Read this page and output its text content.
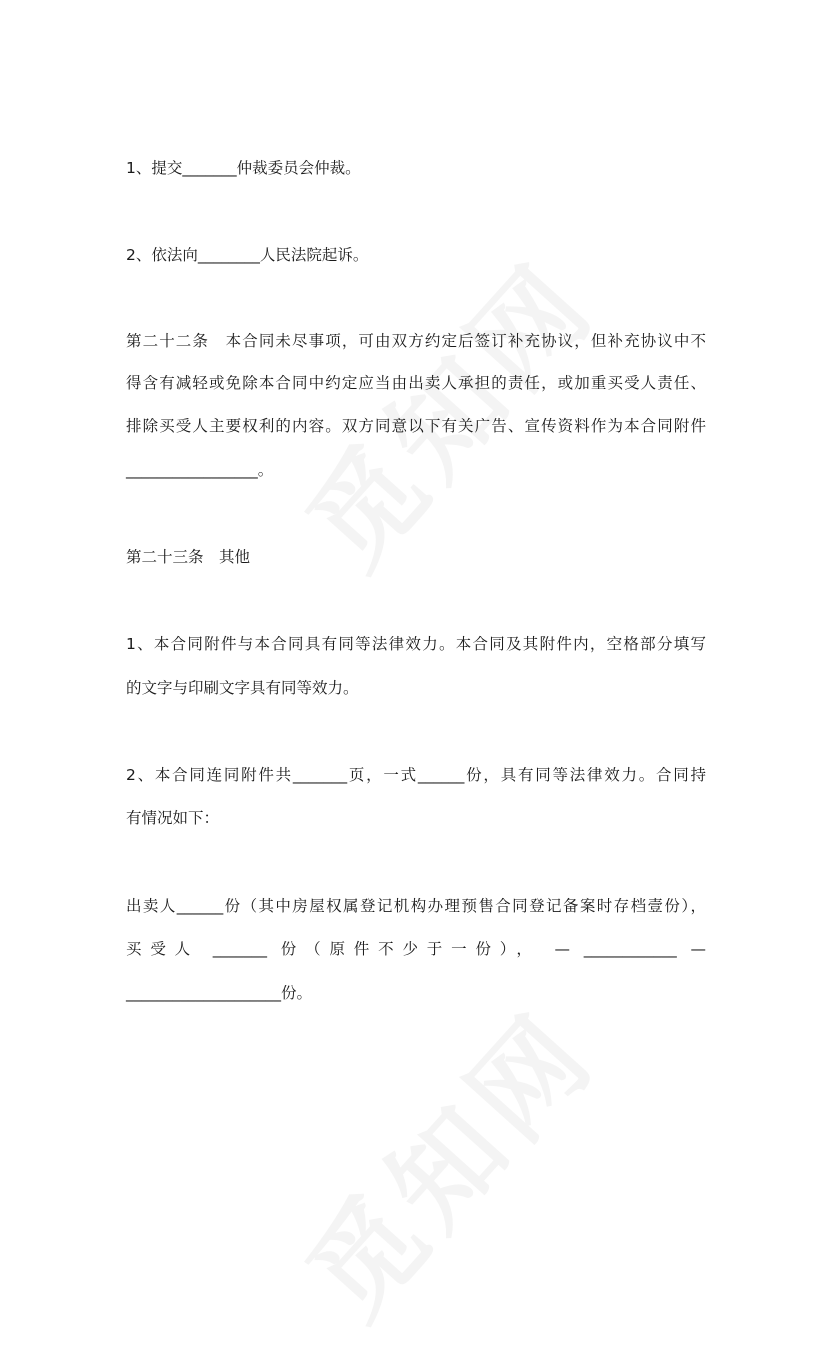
1、提交_______仲裁委员会仲裁。
2、依法向________人民法院起诉。
第二十二条　本合同未尽事项，可由双方约定后签订补充协议，但补充协议中不
得含有减轻或免除本合同中约定应当由出卖人承担的责任，或加重买受人责任、
排除买受人主要权利的内容。双方同意以下有关广告、宣传资料作为本合同附件
_________________。
第二十三条　其他
1、本合同附件与本合同具有同等法律效力。本合同及其附件内，空格部分填写
的文字与印刷文字具有同等效力。
2、本合同连同附件共_______页，一式______份，具有同等法律效力。合同持
有情况如下：
出卖人______份（其中房屋权属登记机构办理预售合同登记备案时存档壹份），
买受人 _______ 份（原件不少于一份）， — ____________ —
____________________份。
